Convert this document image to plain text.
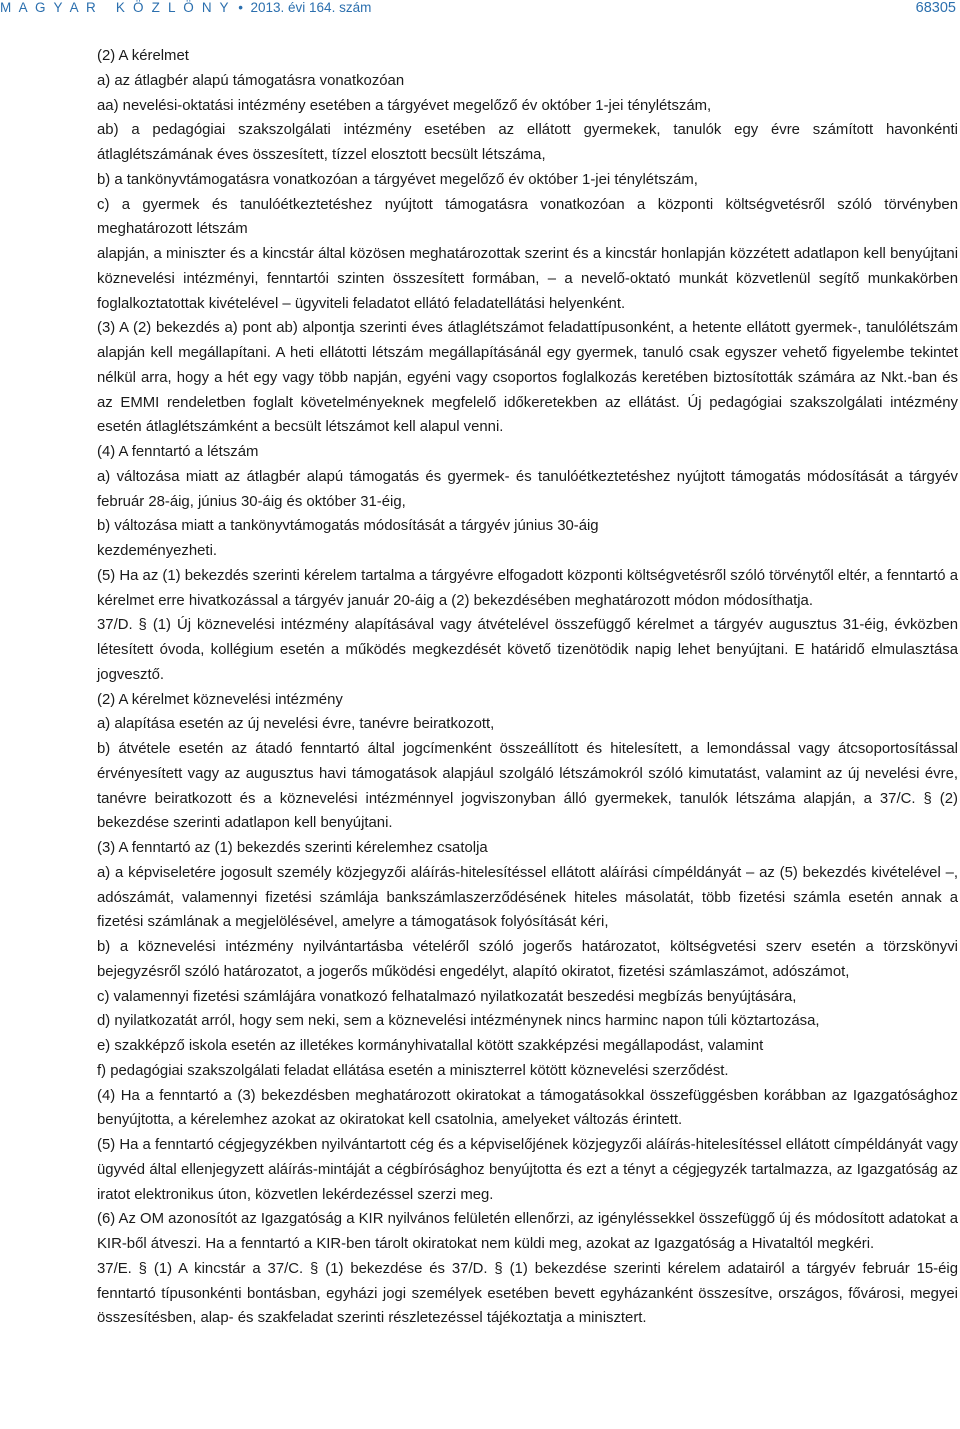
M A G Y A R   K Ö Z L Ö N Y • 2013. évi 164. szám	68305

(2) A kérelmet

a) az átlagbér alapú támogatásra vonatkozóan

aa) nevelési-oktatási intézmény esetében a tárgyévet megelőző év október 1-jei ténylétszám,

ab) a pedagógiai szakszolgálati intézmény esetében az ellátott gyermekek, tanulók egy évre számított havonkénti átlaglétszámának éves összesített, tízzel elosztott becsült létszáma,

b) a tankönyvtámogatásra vonatkozóan a tárgyévet megelőző év október 1-jei ténylétszám,

c) a gyermek és tanulóétkeztetéshez nyújtott támogatásra vonatkozóan a központi költségvetésről szóló törvényben meghatározott létszám

alapján, a miniszter és a kincstár által közösen meghatározottak szerint és a kincstár honlapján közzétett adatlapon kell benyújtani köznevelési intézményi, fenntartói szinten összesített formában, – a nevelő-oktató munkát közvetlenül segítő munkakörben foglalkoztatottak kivételével – ügyviteli feladatot ellátó feladatellátási helyenként.

(3) A (2) bekezdés a) pont ab) alpontja szerinti éves átlaglétszámot feladattípusonként, a hetente ellátott gyermek-, tanulólétszám alapján kell megállapítani. A heti ellátotti létszám megállapításánál egy gyermek, tanuló csak egyszer vehető figyelembe tekintet nélkül arra, hogy a hét egy vagy több napján, egyéni vagy csoportos foglalkozás keretében biztosították számára az Nkt.-ban és az EMMI rendeletben foglalt követelményeknek megfelelő időkeretekben az ellátást. Új pedagógiai szakszolgálati intézmény esetén átlaglétszámként a becsült létszámot kell alapul venni.

(4) A fenntartó a létszám

a) változása miatt az átlagbér alapú támogatás és gyermek- és tanulóétkeztetéshez nyújtott támogatás módosítását a tárgyév február 28-áig, június 30-áig és október 31-éig,

b) változása miatt a tankönyvtámogatás módosítását a tárgyév június 30-áig

kezdeményezheti.

(5) Ha az (1) bekezdés szerinti kérelem tartalma a tárgyévre elfogadott központi költségvetésről szóló törvénytől eltér, a fenntartó a kérelmet erre hivatkozással a tárgyév január 20-áig a (2) bekezdésében meghatározott módon módosíthatja.

37/D. § (1) Új köznevelési intézmény alapításával vagy átvételével összefüggő kérelmet a tárgyév augusztus 31-éig, évközben létesített óvoda, kollégium esetén a működés megkezdését követő tizenötödik napig lehet benyújtani. E határidő elmulasztása jogvesztő.

(2) A kérelmet köznevelési intézmény

a) alapítása esetén az új nevelési évre, tanévre beiratkozott,

b) átvétele esetén az átadó fenntartó által jogcímenként összeállított és hitelesített, a lemondással vagy átcsoportosítással érvényesített vagy az augusztus havi támogatások alapjául szolgáló létszámokról szóló kimutatást, valamint az új nevelési évre, tanévre beiratkozott és a köznevelési intézménnyel jogviszonyban álló gyermekek, tanulók létszáma alapján, a 37/C. § (2) bekezdése szerinti adatlapon kell benyújtani.

(3) A fenntartó az (1) bekezdés szerinti kérelemhez csatolja

a) a képviseletére jogosult személy közjegyzői aláírás-hitelesítéssel ellátott aláírási címpéldányát – az (5) bekezdés kivételével –, adószámát, valamennyi fizetési számlája bankszámlaszerződésének hiteles másolatát, több fizetési számla esetén annak a fizetési számlának a megjelölésével, amelyre a támogatások folyósítását kéri,

b) a köznevelési intézmény nyilvántartásba vételéről szóló jogerős határozatot, költségvetési szerv esetén a törzskönyvi bejegyzésről szóló határozatot, a jogerős működési engedélyt, alapító okiratot, fizetési számlaszámot, adószámot,

c) valamennyi fizetési számlájára vonatkozó felhatalmazó nyilatkozatát beszedési megbízás benyújtására,

d) nyilatkozatát arról, hogy sem neki, sem a köznevelési intézménynek nincs harminc napon túli köztartozása,

e) szakképző iskola esetén az illetékes kormányhivatallal kötött szakképzési megállapodást, valamint

f) pedagógiai szakszolgálati feladat ellátása esetén a miniszterrel kötött köznevelési szerződést.

(4) Ha a fenntartó a (3) bekezdésben meghatározott okiratokat a támogatásokkal összefüggésben korábban az Igazgatósághoz benyújtotta, a kérelemhez azokat az okiratokat kell csatolnia, amelyeket változás érintett.

(5) Ha a fenntartó cégjegyzékben nyilvántartott cég és a képviselőjének közjegyzői aláírás-hitelesítéssel ellátott címpéldányát vagy ügyvéd által ellenjegyzett aláírás-mintáját a cégbírósághoz benyújtotta és ezt a tényt a cégjegyzék tartalmazza, az Igazgatóság az iratot elektronikus úton, közvetlen lekérdezéssel szerzi meg.

(6) Az OM azonosítót az Igazgatóság a KIR nyilvános felületén ellenőrzi, az igényléssekkel összefüggő új és módosított adatokat a KIR-ből átveszi. Ha a fenntartó a KIR-ben tárolt okiratokat nem küldi meg, azokat az Igazgatóság a Hivataltól megkéri.

37/E. § (1) A kincstár a 37/C. § (1) bekezdése és 37/D. § (1) bekezdése szerinti kérelem adatairól a tárgyév február 15-éig fenntartó típusonkénti bontásban, egyházi jogi személyek esetében bevett egyházanként összesítve, országos, fővárosi, megyei összesítésben, alap- és szakfeladat szerinti részletezéssel tájékoztatja a minisztert.
